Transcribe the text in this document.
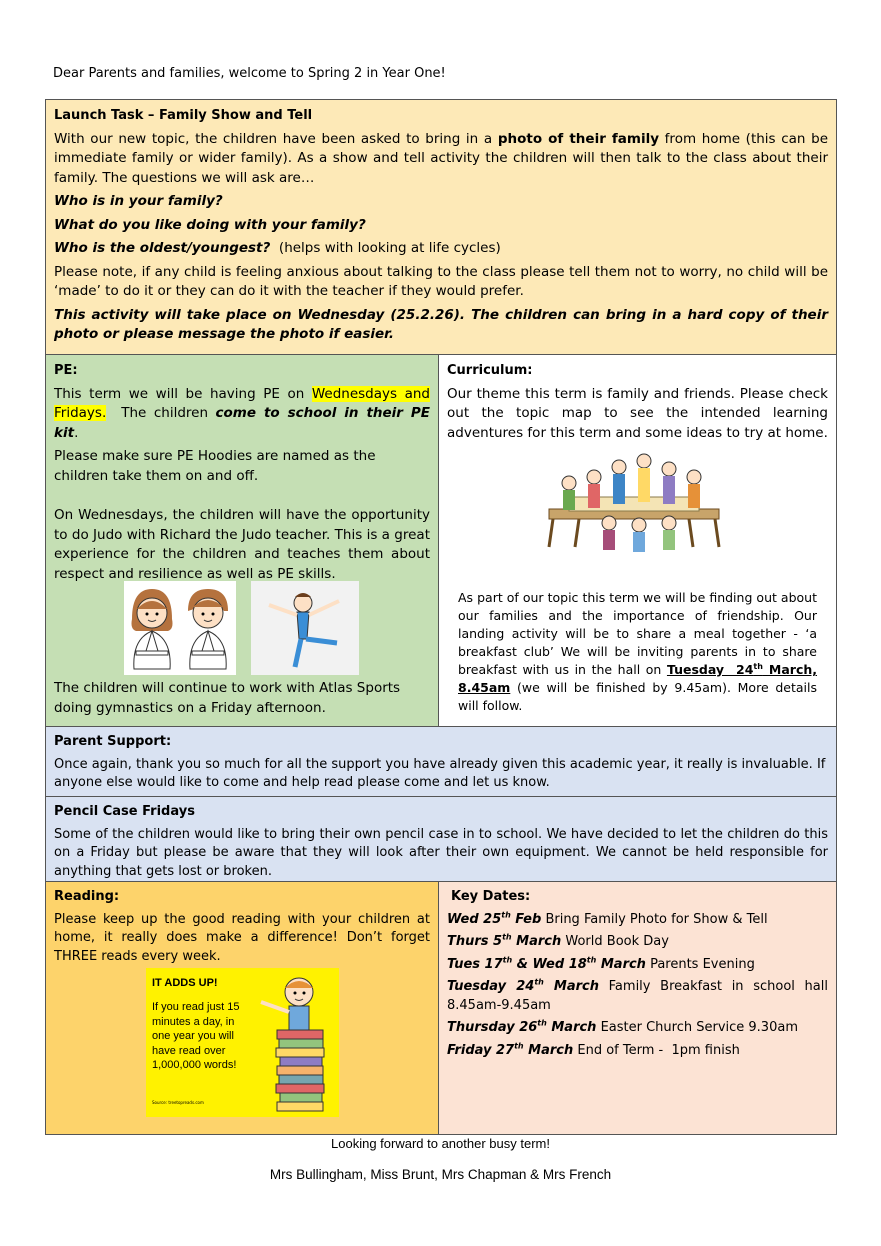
Dear Parents and families, welcome to Spring 2 in Year One!
Launch Task – Family Show and Tell

With our new topic, the children have been asked to bring in a photo of their family from home (this can be immediate family or wider family). As a show and tell activity the children will then talk to the class about their family. The questions we will ask are…

Who is in your family?

What do you like doing with your family?

Who is the oldest/youngest?  (helps with looking at life cycles)

Please note, if any child is feeling anxious about talking to the class please tell them not to worry, no child will be ‘made’ to do it or they can do it with the teacher if they would prefer.

This activity will take place on Wednesday (25.2.26). The children can bring in a hard copy of their photo or please message the photo if easier.

PE:

This term we will be having PE on Wednesdays and Fridays.  The children come to school in their PE kit.

Please make sure PE Hoodies are named as the children take them on and off.

On Wednesdays, the children will have the opportunity to do Judo with Richard the Judo teacher. This is a great experience for the children and teaches them about respect and resilience as well as PE skills.

The children will continue to work with Atlas Sports doing gymnastics on a Friday afternoon.

Curriculum:

Our theme this term is family and friends. Please check out the topic map to see the intended learning adventures for this term and some ideas to try at home.

As part of our topic this term we will be finding out about our families and the importance of friendship. Our landing activity will be to share a meal together - ‘a breakfast club’ We will be inviting parents in to share breakfast with us in the hall on Tuesday  24th March, 8.45am (we will be finished by 9.45am). More details will follow.

Parent Support:

Once again, thank you so much for all the support you have already given this academic year, it really is invaluable. If anyone else would like to come and help read please come and let us know.

Pencil Case Fridays

Some of the children would like to bring their own pencil case in to school. We have decided to let the children do this on a Friday but please be aware that they will look after their own equipment. We cannot be held responsible for anything that gets lost or broken.

Reading:

Please keep up the good reading with your children at home, it really does make a difference! Don’t forget THREE reads every week.

IT ADDS UP!
If you read just 15 minutes a day, in one year you will have read over 1,000,000 words!
Source: treetopreads.com
Key Dates:

Wed 25th Feb Bring Family Photo for Show & Tell

Thurs 5th March World Book Day

Tues 17th & Wed 18th March Parents Evening

Tuesday 24th March Family Breakfast in school hall 8.45am-9.45am

Thursday 26th March Easter Church Service 9.30am

Friday 27th March End of Term -  1pm finish

Looking forward to another busy term!
Mrs Bullingham, Miss Brunt, Mrs Chapman & Mrs French
